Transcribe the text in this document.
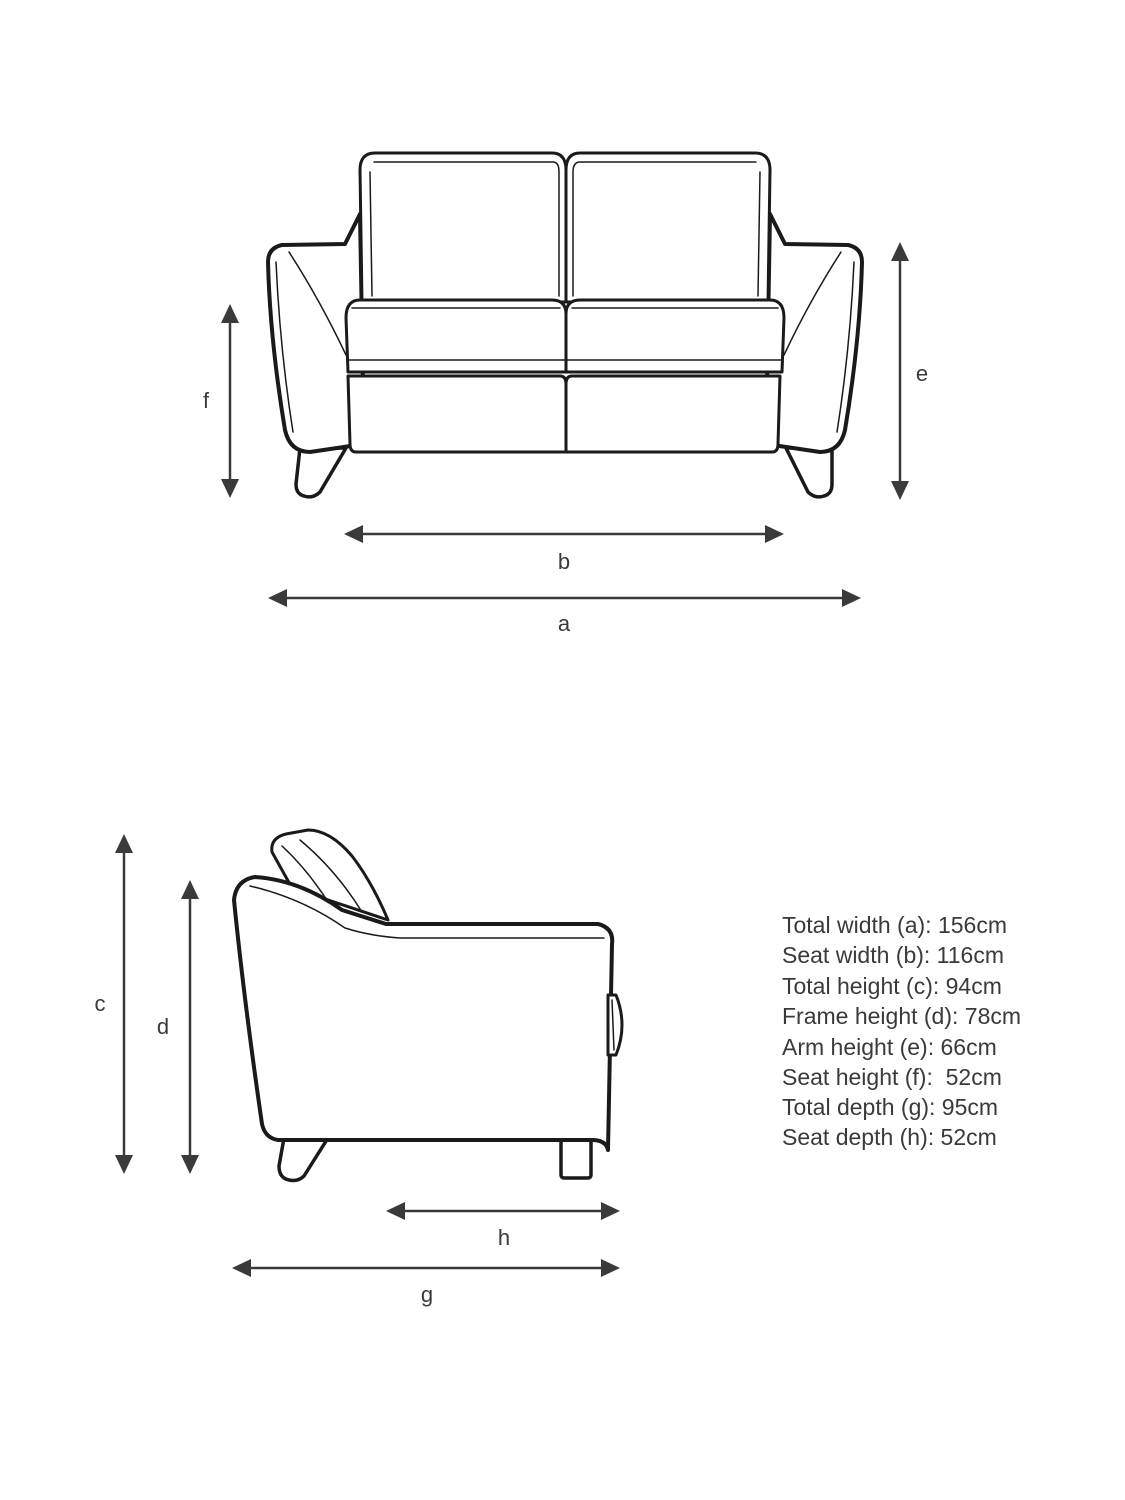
a
b
e
f
c
d
h
g
Total width (a): 156cm
Seat width (b): 116cm
Total height (c): 94cm
Frame height (d): 78cm
Arm height (e): 66cm
Seat height (f):  52cm
Total depth (g): 95cm
Seat depth (h): 52cm
